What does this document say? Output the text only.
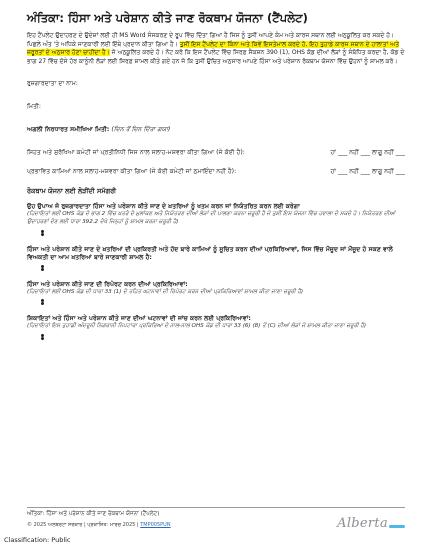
ਅੰਤਿਕਾ: ਹਿੰਸਾ ਅਤੇ ਪਰੇਸ਼ਾਨ ਕੀਤੇ ਜਾਣ ਰੋਕਥਾਮ ਯੋਜਨਾ (ਟੈਂਪਲੇਟ)

ਇਹ ਟੈਂਪਲੇਟ ਉਦਾਹਰਣ ਦੇ ਉਦੇਸ਼ਾਂ ਲਈ ਹੀ MS Word ਸੰਸਕਰਣ ਦੇ ਰੂਪ ਵਿੱਚ ਦਿੱਤਾ ਗਿਆ ਹੈ ਜਿਸ ਨੂੰ ਤੁਸੀਂ ਆਪਣੇ ਕੰਮ ਅਤੇ ਕਾਰਜ ਸਥਾਨ ਲਈ ਅਨੁਕੂਲਿਤ ਕਰ ਸਕਦੇ ਹੋ। ਪਿਛਲੇ ਅੰਤ 'ਤੇ ਅਧਿਕੇ ਜਾਣਕਾਰੀ ਲਈ ਇੱਥੇ ਪ੍ਰਦਾਨ ਕੀਤਾ ਗਿਆ ਹੈ। ਤੁਸੀਂ ਇਸ ਟੈਂਪਲੇਟ ਦਾ ਕਿੰਨਾ ਅਤੇ ਕਿਵੇਂ ਇਸਤੇਮਾਲ ਕਰਦੇ ਹੋ, ਇਹ ਤੁਹਾਡੇ ਕਾਰਜ ਸਥਾਨ ਦੇ ਹਾਲਾਤਾਂ ਅਤੇ ਜ਼ਰੂਰਤਾਂ ਦੇ ਅਨੁਸਾਰ ਹੋਣਾ ਚਾਹੀਦਾ ਹੈ। ਜੋ ਅਨੁਕੂਲਿਤ ਕਰਦੇ ਹੋ। ਨੋਟ ਕਰੋ ਕਿ ਇਸ ਟੈਂਪਲੇਟ ਵਿੱਚ ਸਿਰਫ਼ ਸੈਕਸ਼ਨ 390 (1), OHS ਕੋਡ ਦੀਆਂ ਲੋੜਾਂ ਨੂੰ ਸੰਬੋਧਿਤ ਕਰਦਾ ਹੈ, ਕੋਡ ਦੇ ਭਾਗ 27 ਵਿੱਚ ਦੱਸੇ ਹੋਰ ਕਾਨੂੰਨੀ ਲੋੜਾਂ ਲਈ ਸਿਰਫ਼ ਸ਼ਾਮਲ ਕੀਤੇ ਗਏ ਹਨ ਜੋ ਕਿ ਤੁਸੀਂ ਉਚਿਤ ਅਨੁਸਾਰ ਆਪਣੇ ਹਿੰਸਾ ਅਤੇ ਪਰੇਸ਼ਾਨ ਰੋਕਥਾਮ ਯੋਜਨਾ ਵਿੱਚ ਉਹਨਾਂ ਨੂੰ ਸ਼ਾਮਲ ਕਰੋ।

ਰੁਜ਼ਗਾਰਦਾਤਾ ਦਾ ਨਾਮ:
ਮਿਤੀ:
ਅਗਲੀ ਨਿਰਧਾਰਤ ਸਮੀਖਿਆ ਮਿਤੀ: (ਦਿਨ ਤੋਂ ਦਿਨ ਦਿੱਤਾ ਗਯਾ)
ਸਿਹਤ ਅਤੇ ਸੁਰੱਖਿਆ ਕਮੇਟੀ ਜਾਂ ਪ੍ਰਤੀਨਿਧੀ ਜਿਸ ਨਾਲ ਸਲਾਹ-ਮਸ਼ਵਰਾ ਕੀਤਾ ਗਿਆ (ਜੇ ਕੋਈ ਹੈ):	ਹਾਂ ___ ਨਹੀਂ ___ ਲਾਗੂ ਨਹੀਂ ___
ਪ੍ਰਭਾਵਿਤ ਕਾਮਿਆਂ ਨਾਲ ਸਲਾਹ-ਮਸ਼ਵਰਾ ਕੀਤਾ ਗਿਆ (ਜੇ ਕੋਈ ਕਮੇਟੀ ਜਾਂ ਨੁਮਾਇੰਦਾ ਨਹੀਂ ਹੈ):	ਹਾਂ ___ ਨਹੀਂ ___ ਲਾਗੂ ਨਹੀਂ ___
ਰੋਕਥਾਮ ਯੋਜਨਾ ਲਈ ਲੋੜੀਂਦੀ ਸਮੱਗਰੀ

ਉਹ ਉਪਾਅ ਜੋ ਰੁਜ਼ਗਾਰਦਾਤਾ ਹਿੰਸਾ ਅਤੇ ਪਰੇਸ਼ਾਨ ਕੀਤੇ ਜਾਣ ਦੇ ਖ਼ਤਰਿਆਂ ਨੂੰ ਖਤਮ ਕਰਨ ਜਾਂ ਨਿਯੰਤਰਿਤ ਕਰਨ ਲਈ ਕਰੇਗਾ

(ਹਿਦਾਇਤਾਂ ਲਈ OHS ਕੋਡ ਦੇ ਭਾਗ 2 ਵਿੱਚ ਖ਼ਤਰੇ ਦੇ ਮੁਲਾਂਕਣ ਅਤੇ ਨਿਯੰਤਰਣ ਦੀਆਂ ਲੋੜਾਂ ਦੀ ਪਾਲਣਾ ਕਰਨਾ ਜ਼ਰੂਰੀ ਹੈ ਜੋ ਤੁਸੀਂ ਇਸ ਯੋਜਨਾ ਵਿੱਚ ਹਵਾਲਾ ਦੇ ਸਕਦੇ ਹੋ। ਨਿਯੰਤਰਣ ਦੀਆਂ ਉਦਾਹਰਣਾਂ ਦੇਣ ਲਈ ਧਾਰਾ 392.2 ਦੇਖੋ ਜਿਨ੍ਹਾਂ ਨੂੰ ਸ਼ਾਮਲ ਕਰਨਾ ਜ਼ਰੂਰੀ ਹੈ)

ਹਿੰਸਾ ਅਤੇ ਪਰੇਸ਼ਾਨ ਕੀਤੇ ਜਾਣ ਦੇ ਖ਼ਤਰਿਆਂ ਦੀ ਪ੍ਰਕਿਰਤੀ ਅਤੇ ਹੱਦ ਬਾਰੇ ਕਾਮਿਆਂ ਨੂੰ ਸੂਚਿਤ ਕਰਨ ਦੀਆਂ ਪ੍ਰਕਿਰਿਆਵਾਂ, ਜਿਸ ਵਿੱਚ ਮੌਜੂਦ ਜਾਂ ਮੌਜੂਦ ਹੋ ਸਕਣ ਵਾਲੇ ਵਿਅਕਤੀ ਦਾ ਆਮ ਖ਼ਤਰਿਆਂ ਬਾਰੇ ਜਾਣਕਾਰੀ ਸ਼ਾਮਲ ਹੈ:

ਹਿੰਸਾ ਅਤੇ ਪਰੇਸ਼ਾਨ ਕੀਤੇ ਜਾਣ ਦੀ ਰਿਪੋਰਟ ਕਰਨ ਦੀਆਂ ਪ੍ਰਕਿਰਿਆਵਾਂ:

(ਹਿਦਾਇਤਾਂ ਲਈ OHS ਕੋਡ ਦੀ ਧਾਰਾ 33 (1) ਦੇ ਤਹਿਤ ਘਟਨਾਵਾਂ ਦੀ ਰਿਪੋਰਟ ਕਰਨ ਦੀਆਂ ਪ੍ਰਕਿਰਿਆਵਾਂ ਸ਼ਾਮਲ ਕੀਤਾ ਜਾਣਾ ਜ਼ਰੂਰੀ ਹੈ)

ਸ਼ਿਕਾਇਤਾਂ ਅਤੇ ਹਿੰਸਾ ਅਤੇ ਪਰੇਸ਼ਾਨ ਕੀਤੇ ਜਾਣ ਦੀਆਂ ਘਟਨਾਵਾਂ ਦੀ ਜਾਂਚ ਕਰਨ ਲਈ ਪ੍ਰਕਿਰਿਆਵਾਂ:

(ਹਿਦਾਇਤਾਂ ਇਸ ਤੁਹਾਡੀ ਅੰਦਰੂਨੀ ਨਿਗਰਾਨੀ ਨਿਪਟਾਰਾ ਪ੍ਰਕਿਰਿਆ ਦੇ ਨਾਲ-ਨਾਲ OHS ਕੋਡ ਦੀ ਧਾਰਾ 33 (6) (8) ਤੋਂ (C) ਦੀਆਂ ਲੋੜਾਂ ਜੋ ਸ਼ਾਮਲ ਕੀਤਾ ਜਾਣਾ ਜ਼ਰੂਰੀ ਹੈ)

ਅੰਤਿਕਾ: ਹਿੰਸਾ ਅਤੇ ਪਰੇਸ਼ਾਨ ਕੀਤੇ ਜਾਣ ਰੋਕਥਾਮ ਯੋਜਨਾ (ਟੈਂਪਲੇਟ)
© 2025 ਅਲਬਰਟਾ ਸਰਕਾਰ | ਪ੍ਰਕਾਸ਼ਿਤ: ਮਾਰਚ 2025 | TMP005PUN	Alberta
Classification: Public
